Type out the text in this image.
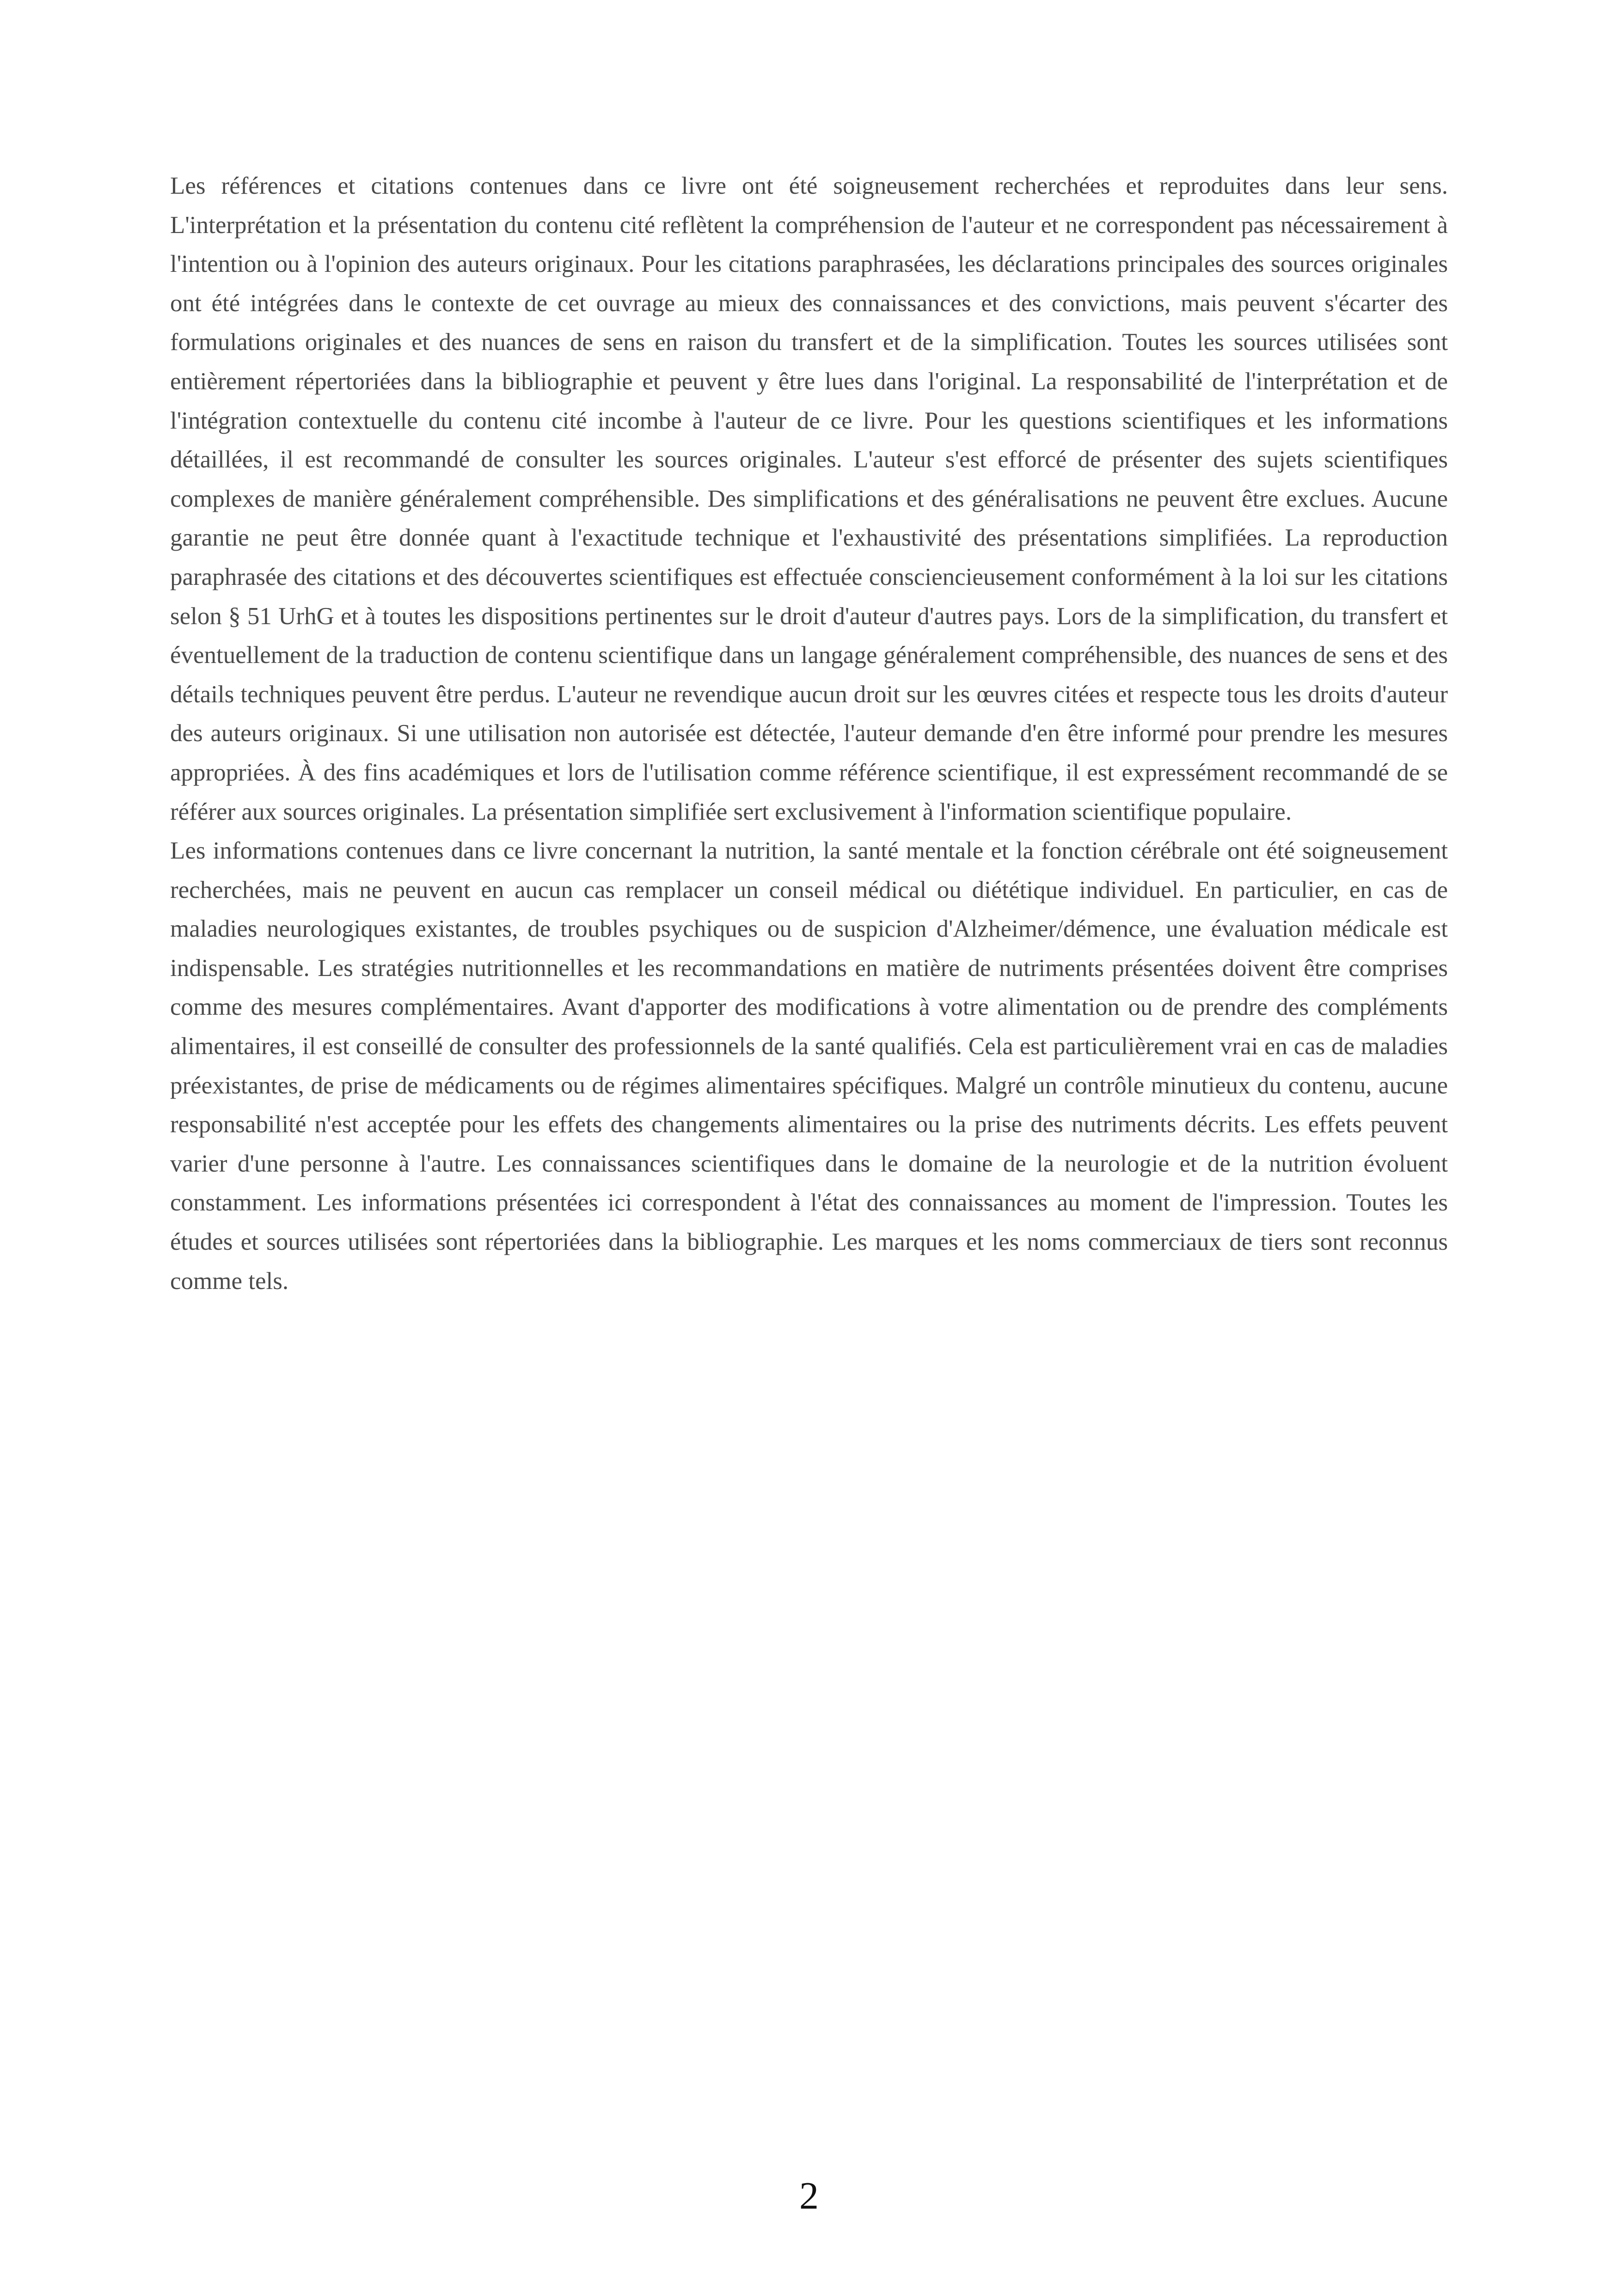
Les références et citations contenues dans ce livre ont été soigneusement recherchées et reproduites dans leur sens. L'interprétation et la présentation du contenu cité reflètent la compréhension de l'auteur et ne correspondent pas nécessairement à l'intention ou à l'opinion des auteurs originaux. Pour les citations paraphrasées, les déclarations principales des sources originales ont été intégrées dans le contexte de cet ouvrage au mieux des connaissances et des convictions, mais peuvent s'écarter des formulations originales et des nuances de sens en raison du transfert et de la simplification. Toutes les sources utilisées sont entièrement répertoriées dans la bibliographie et peuvent y être lues dans l'original. La responsabilité de l'interprétation et de l'intégration contextuelle du contenu cité incombe à l'auteur de ce livre. Pour les questions scientifiques et les informations détaillées, il est recommandé de consulter les sources originales. L'auteur s'est efforcé de présenter des sujets scientifiques complexes de manière généralement compréhensible. Des simplifications et des généralisations ne peuvent être exclues. Aucune garantie ne peut être donnée quant à l'exactitude technique et l'exhaustivité des présentations simplifiées. La reproduction paraphrasée des citations et des découvertes scientifiques est effectuée consciencieusement conformément à la loi sur les citations selon § 51 UrhG et à toutes les dispositions pertinentes sur le droit d'auteur d'autres pays. Lors de la simplification, du transfert et éventuellement de la traduction de contenu scientifique dans un langage généralement compréhensible, des nuances de sens et des détails techniques peuvent être perdus. L'auteur ne revendique aucun droit sur les œuvres citées et respecte tous les droits d'auteur des auteurs originaux. Si une utilisation non autorisée est détectée, l'auteur demande d'en être informé pour prendre les mesures appropriées. À des fins académiques et lors de l'utilisation comme référence scientifique, il est expressément recommandé de se référer aux sources originales. La présentation simplifiée sert exclusivement à l'information scientifique populaire.

Les informations contenues dans ce livre concernant la nutrition, la santé mentale et la fonction cérébrale ont été soigneusement recherchées, mais ne peuvent en aucun cas remplacer un conseil médical ou diététique individuel. En particulier, en cas de maladies neurologiques existantes, de troubles psychiques ou de suspicion d'Alzheimer/démence, une évaluation médicale est indispensable. Les stratégies nutritionnelles et les recommandations en matière de nutriments présentées doivent être comprises comme des mesures complémentaires. Avant d'apporter des modifications à votre alimentation ou de prendre des compléments alimentaires, il est conseillé de consulter des professionnels de la santé qualifiés. Cela est particulièrement vrai en cas de maladies préexistantes, de prise de médicaments ou de régimes alimentaires spécifiques. Malgré un contrôle minutieux du contenu, aucune responsabilité n'est acceptée pour les effets des changements alimentaires ou la prise des nutriments décrits. Les effets peuvent varier d'une personne à l'autre. Les connaissances scientifiques dans le domaine de la neurologie et de la nutrition évoluent constamment. Les informations présentées ici correspondent à l'état des connaissances au moment de l'impression. Toutes les études et sources utilisées sont répertoriées dans la bibliographie. Les marques et les noms commerciaux de tiers sont reconnus comme tels.

2
